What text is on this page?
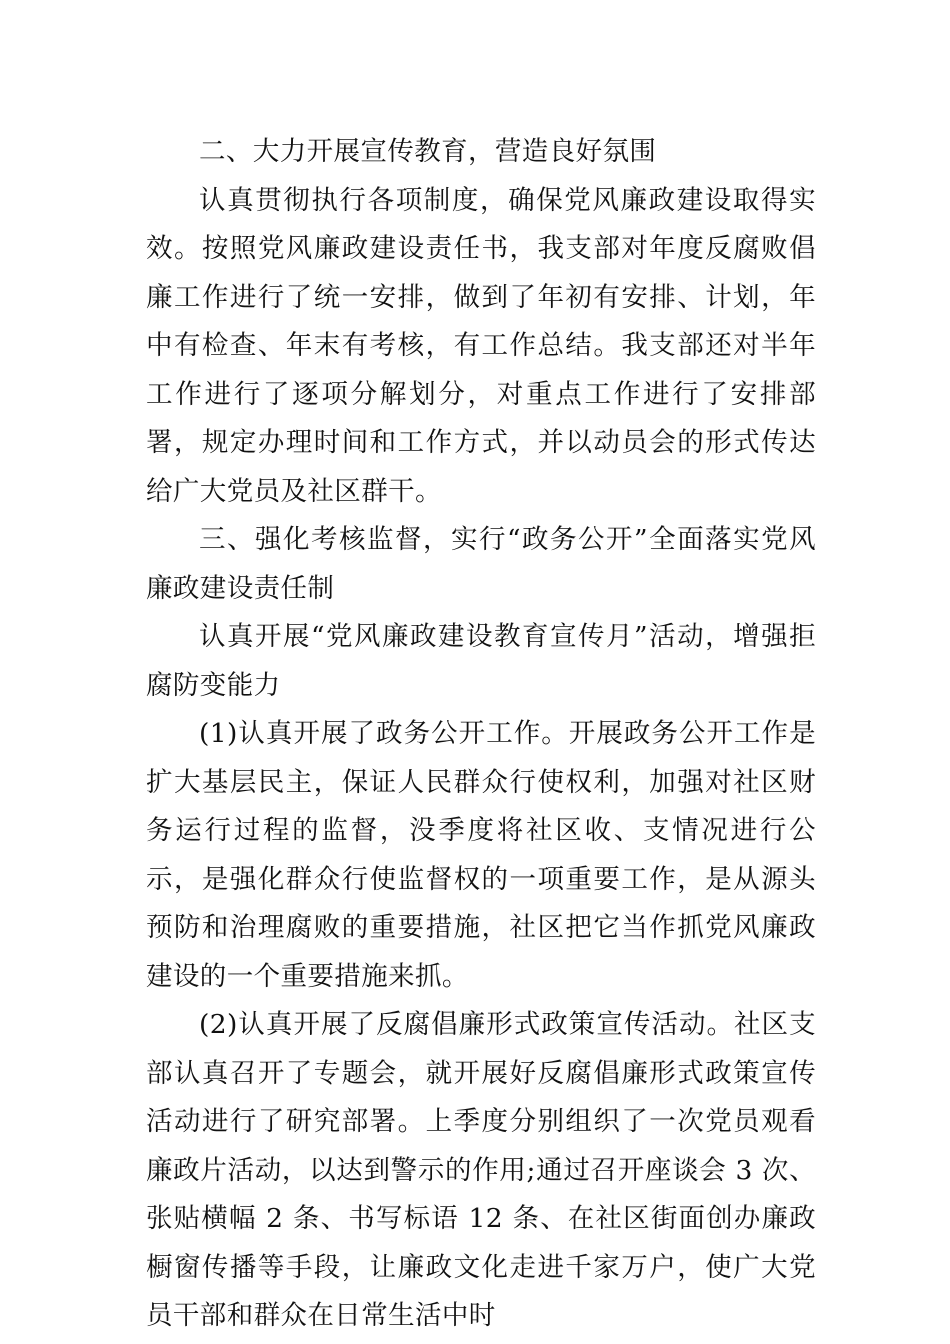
二、大力开展宣传教育，营造良好氛围

认真贯彻执行各项制度，确保党风廉政建设取得实效。按照党风廉政建设责任书，我支部对年度反腐败倡廉工作进行了统一安排，做到了年初有安排、计划，年中有检查、年末有考核，有工作总结。我支部还对半年工作进行了逐项分解划分，对重点工作进行了安排部署，规定办理时间和工作方式，并以动员会的形式传达给广大党员及社区群干。

三、强化考核监督，实行“政务公开”全面落实党风廉政建设责任制

认真开展“党风廉政建设教育宣传月”活动，增强拒腐防变能力

(1)认真开展了政务公开工作。开展政务公开工作是扩大基层民主，保证人民群众行使权利，加强对社区财务运行过程的监督，没季度将社区收、支情况进行公示，是强化群众行使监督权的一项重要工作，是从源头预防和治理腐败的重要措施，社区把它当作抓党风廉政建设的一个重要措施来抓。

(2)认真开展了反腐倡廉形式政策宣传活动。社区支部认真召开了专题会，就开展好反腐倡廉形式政策宣传活动进行了研究部署。上季度分别组织了一次党员观看廉政片活动，以达到警示的作用;通过召开座谈会 3 次、张贴横幅 2 条、书写标语 12 条、在社区街面创办廉政橱窗传播等手段，让廉政文化走进千家万户，使广大党员干部和群众在日常生活中时
